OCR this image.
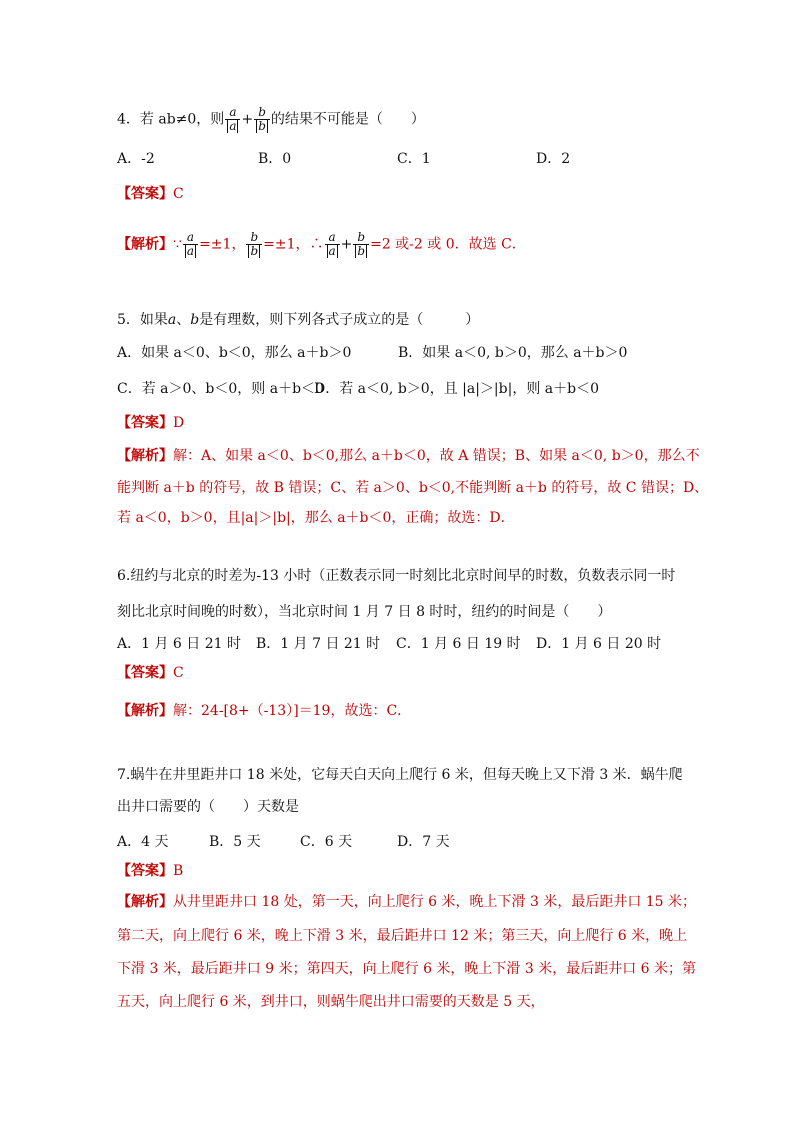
4．若 ab≠0，则 $\frac{a}{a} + \frac{b}{b}$ 的结果不可能是（　　）
A．-2	B．0	C．1	D．2
【答案】C
【解析】∵ $\frac{a}{a} =\pm 1$， $\frac{b}{b} =\pm 1$，∴ $\frac{a}{a} + \frac{b}{b} =2$ 或-2 或 0．故选 C．
5．如果a、b是有理数，则下列各式子成立的是（　　　）
A．如果 a＜0、b＜0，那么 a＋b＞0	B．如果 a＜0, b＞0，那么 a＋b＞0
C．若 a＞0、b＜0，则 a＋b＜0
D．若 a＜0, b＞0，且 |a|＞|b|，则 a＋b＜0
【答案】D
【解析】解：A、如果 a＜0、b＜0,那么 a＋b＜0，故 A 错误；B、如果 a＜0, b＞0，那么不
能判断 a＋b 的符号，故 B 错误；C、若 a＞0、b＜0,不能判断 a＋b 的符号，故 C 错误；D、
若 a＜0，b＞0，且|a|＞|b|，那么 a＋b＜0，正确；故选：D．
6.纽约与北京的时差为-13 小时（正数表示同一时刻比北京时间早的时数，负数表示同一时
刻比北京时间晚的时数），当北京时间 1 月 7 日 8 时时，纽约的时间是（　　）
A．1 月 6 日 21 时 B．1 月 7 日 21 时 C．1 月 6 日 19 时 D．1 月 6 日 20 时
【答案】C
【解析】解：24-[8+（-13）]＝19，故选：C．
7.蜗牛在井里距井口 18 米处，它每天白天向上爬行 6 米，但每天晚上又下滑 3 米．蜗牛爬
出井口需要的（　　）天数是
A．4 天	B．5 天	C．6 天	D．7 天
【答案】B
【解析】从井里距井口 18 处，第一天，向上爬行 6 米，晚上下滑 3 米，最后距井口 15 米；
第二天，向上爬行 6 米，晚上下滑 3 米，最后距井口 12 米；第三天，向上爬行 6 米，晚上
下滑 3 米，最后距井口 9 米；第四天，向上爬行 6 米，晚上下滑 3 米，最后距井口 6 米；第
五天，向上爬行 6 米，到井口，则蜗牛爬出井口需要的天数是 5 天，
